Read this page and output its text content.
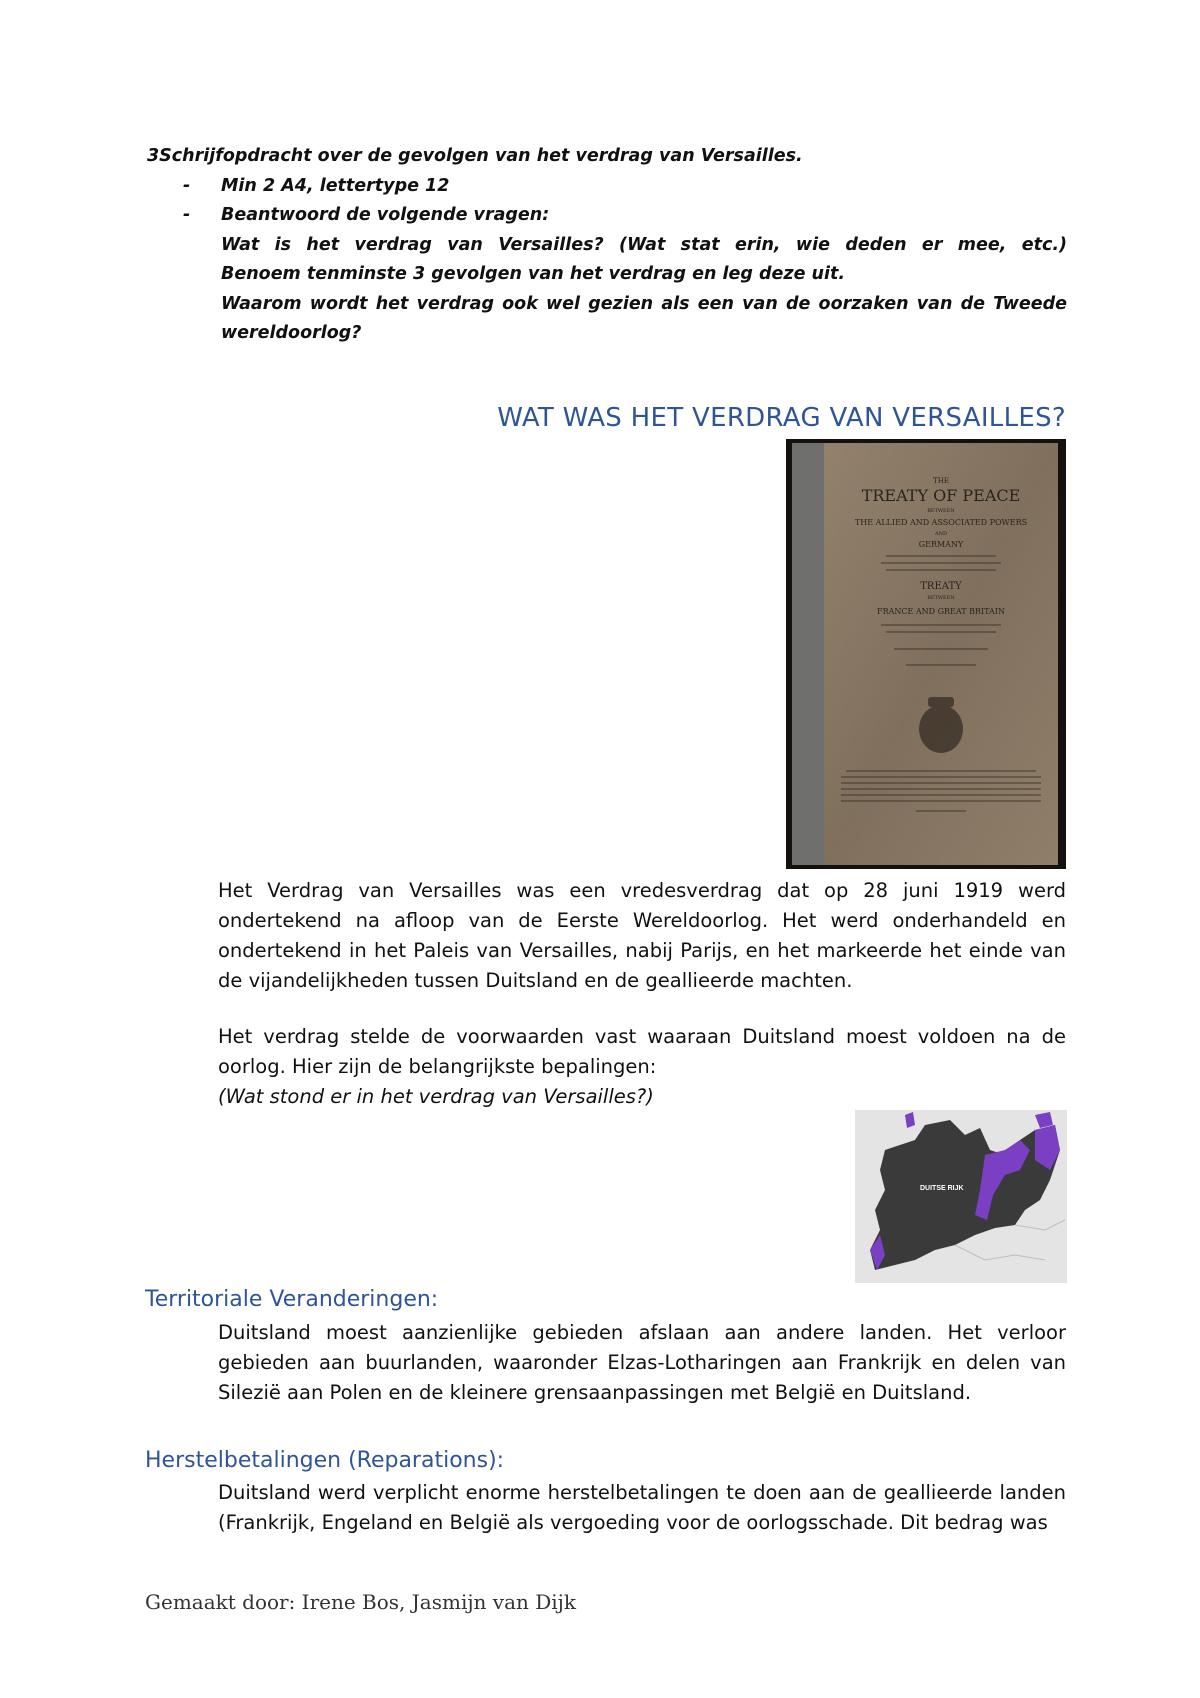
3Schrijfopdracht over de gevolgen van het verdrag van Versailles.
- Min 2 A4, lettertype 12
- Beantwoord de volgende vragen:
Wat is het verdrag van Versailles? (Wat stat erin, wie deden er mee, etc.)
Benoem tenminste 3 gevolgen van het verdrag en leg deze uit.
Waarom wordt het verdrag ook wel gezien als een van de oorzaken van de Tweede wereldoorlog?
WAT WAS HET VERDRAG VAN VERSAILLES?
THE
TREATY OF PEACE
BETWEEN
THE ALLIED AND ASSOCIATED POWERS
AND
GERMANY
TREATY
BETWEEN
FRANCE AND GREAT BRITAIN
Het Verdrag van Versailles was een vredesverdrag dat op 28 juni 1919 werd ondertekend na afloop van de Eerste Wereldoorlog. Het werd onderhandeld en ondertekend in het Paleis van Versailles, nabij Parijs, en het markeerde het einde van de vijandelijkheden tussen Duitsland en de geallieerde machten.
Het verdrag stelde de voorwaarden vast waaraan Duitsland moest voldoen na de oorlog. Hier zijn de belangrijkste bepalingen:
(Wat stond er in het verdrag van Versailles?)
DUITSE RIJK
Territoriale Veranderingen:
Duitsland moest aanzienlijke gebieden afslaan aan andere landen. Het verloor gebieden aan buurlanden, waaronder Elzas-Lotharingen aan Frankrijk en delen van Silezië aan Polen en de kleinere grensaanpassingen met België en Duitsland.
Herstelbetalingen (Reparations):
Duitsland werd verplicht enorme herstelbetalingen te doen aan de geallieerde landen (Frankrijk, Engeland en België als vergoeding voor de oorlogsschade. Dit bedrag was
Gemaakt door: Irene Bos, Jasmijn van Dijk
